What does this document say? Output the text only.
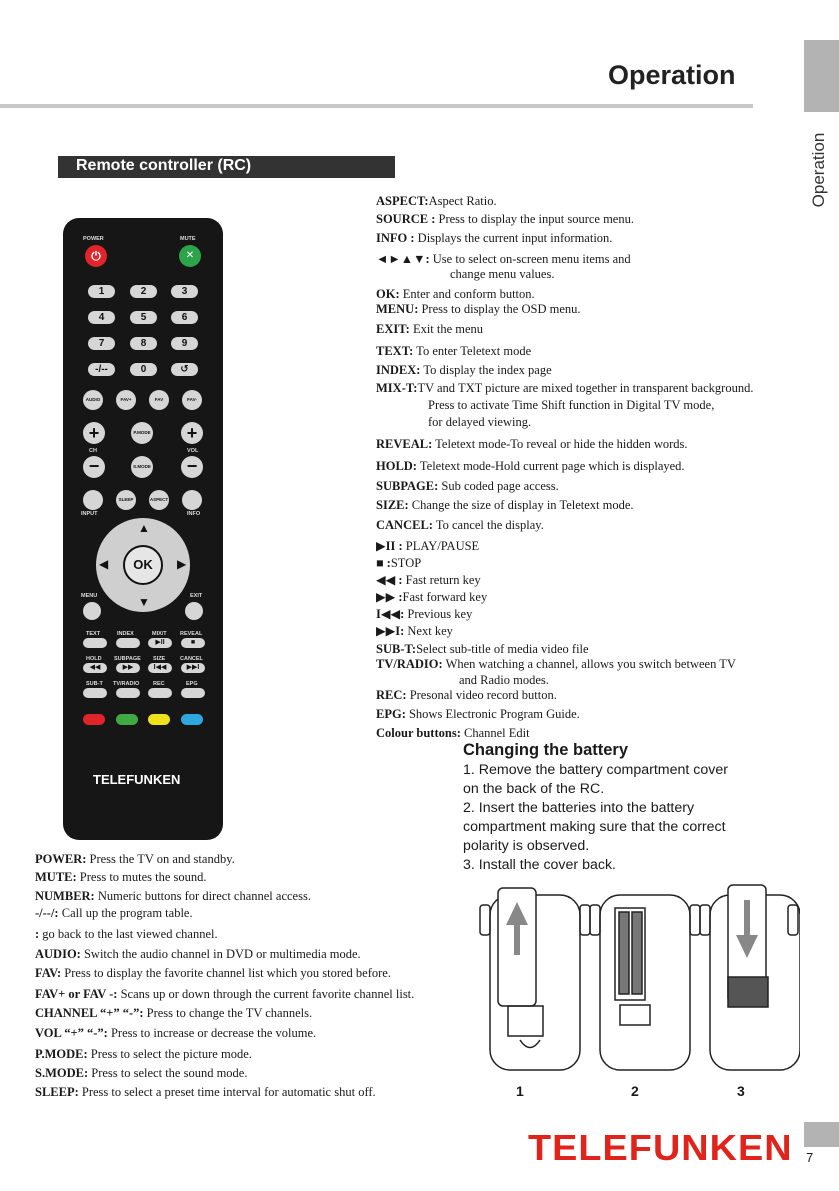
Operation
Operation
Remote controller (RC)
POWER	MUTE
⏻	✕
1	2	3
4	5	6
7	8	9
-/--	0	↺
AUDIO	FAV+	FAV	FAV-
+	+
P.MODE
CH	VOL
−	−
S.MODE
SLEEP	ASPECT
INPUT	INFO
▲
▼
◀	▶
OK
MENU	EXIT
TEXT	INDEX	MIX/T REVEAL
▶II	■
HOLD SUBPAGE SIZE	CANCEL
◀◀	▶▶	I◀◀	▶▶I
SUB-T TV/RADIO REC	EPG
TELEFUNKEN
ASPECT:Aspect Ratio.
SOURCE : Press to display the input source menu.
INFO : Displays the current input information.
◄►▲▼: Use to select on-screen menu items and
change menu values.
OK: Enter and conform button.
MENU: Press to display the OSD menu.
EXIT: Exit the menu
TEXT: To enter Teletext mode
INDEX: To display the index page
MIX-T:TV and TXT picture are mixed together in transparent background.
Press to activate Time Shift function in Digital TV mode,
for delayed viewing.
REVEAL: Teletext mode-To reveal or hide the hidden words.
HOLD: Teletext mode-Hold current page which is displayed.
SUBPAGE: Sub coded page access.
SIZE: Change the size of display in Teletext mode.
CANCEL: To cancel the display.
▶II : PLAY/PAUSE
■ :STOP
◀◀ : Fast return key
▶▶ :Fast forward key
I◀◀: Previous key
▶▶I: Next key
SUB-T:Select sub-title of media video file
TV/RADIO: When watching a channel, allows you switch between TV
and Radio modes.
REC: Presonal video record button.
EPG: Shows Electronic Program Guide.
Colour buttons: Channel Edit
POWER: Press the TV on and standby.
MUTE: Press to mutes the sound.
NUMBER: Numeric buttons for direct channel access.
-/--/: Call up the program table.
: go back to the last viewed channel.
AUDIO: Switch the audio channel in DVD or multimedia mode.
FAV: Press to display the favorite channel list which you stored before.
FAV+ or FAV -: Scans up or down through the current favorite channel list.
CHANNEL “+” “-”: Press to change the TV channels.
VOL “+” “-”: Press to increase or decrease the volume.
P.MODE: Press to select the picture mode.
S.MODE: Press to select the sound mode.
SLEEP: Press to select a preset time interval for automatic shut off.
Changing the battery
1. Remove the battery compartment cover
on the back of the RC.
2. Insert the batteries into the battery
compartment making sure that the correct
polarity is observed.
3. Install the cover back.
1	2	3
TELEFUNKEN 7
